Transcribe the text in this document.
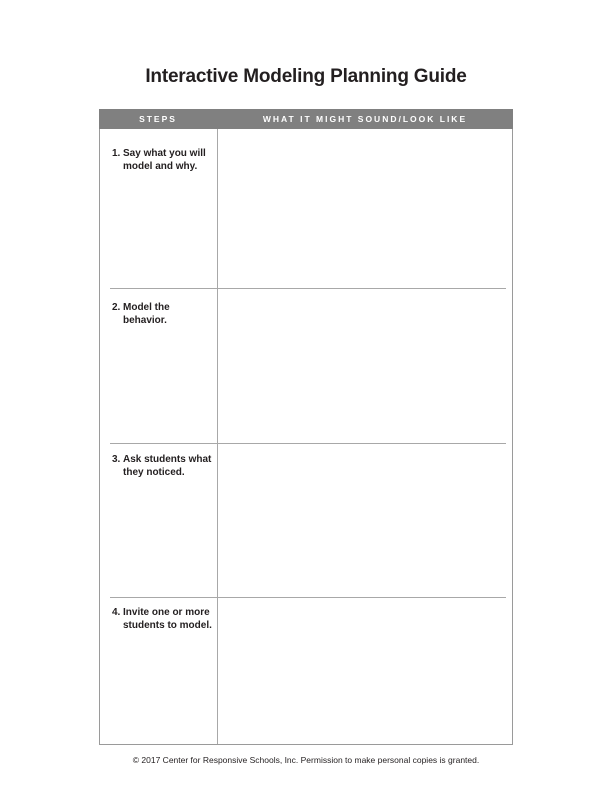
Interactive Modeling Planning Guide
STEPS	WHAT IT MIGHT SOUND/LOOK LIKE
1. Say what you will model and why.
2. Model the behavior.
3. Ask students what they noticed.
4. Invite one or more students to model.
© 2017 Center for Responsive Schools, Inc. Permission to make personal copies is granted.
